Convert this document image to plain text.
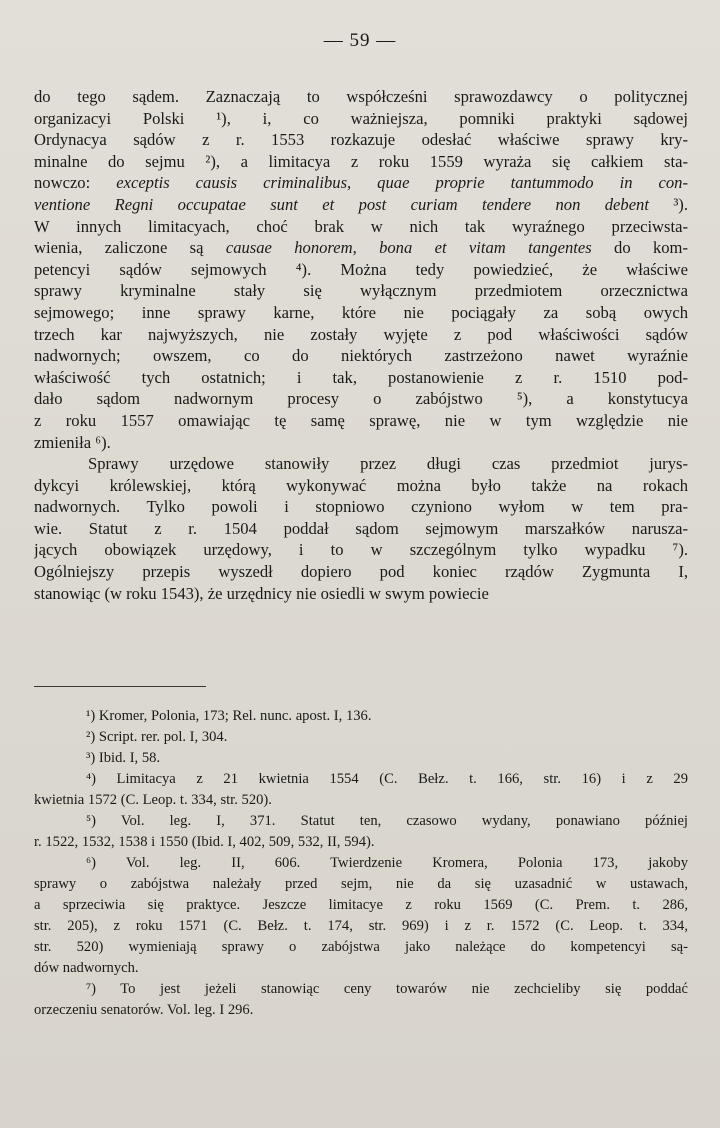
— 59 —
do tego sądem. Zaznaczają to współcześni sprawozdawcy o politycznej
organizacyi Polski ¹), i, co ważniejsza, pomniki praktyki sądowej
Ordynacya sądów z r. 1553 rozkazuje odesłać właściwe sprawy kry-
minalne do sejmu ²), a limitacya z roku 1559 wyraża się całkiem sta-
nowczo: exceptis causis criminalibus, quae proprie tantummodo in con-
ventione Regni occupatae sunt et post curiam tendere non debent ³).
W innych limitacyach, choć brak w nich tak wyraźnego przeciwsta-
wienia, zaliczone są causae honorem, bona et vitam tangentes do kom-
petencyi sądów sejmowych ⁴). Można tedy powiedzieć, że właściwe
sprawy kryminalne stały się wyłącznym przedmiotem orzecznictwa
sejmowego; inne sprawy karne, które nie pociągały za sobą owych
trzech kar najwyższych, nie zostały wyjęte z pod właściwości sądów
nadwornych; owszem, co do niektórych zastrzeżono nawet wyraźnie
właściwość tych ostatnich; i tak, postanowienie z r. 1510 pod-
dało sądom nadwornym procesy o zabójstwo ⁵), a konstytucya
z roku 1557 omawiając tę samę sprawę, nie w tym względzie nie
zmieniła ⁶).
Sprawy urzędowe stanowiły przez długi czas przedmiot jurys-
dykcyi królewskiej, którą wykonywać można było także na rokach
nadwornych. Tylko powoli i stopniowo czyniono wyłom w tem pra-
wie. Statut z r. 1504 poddał sądom sejmowym marszałków narusza-
jących obowiązek urzędowy, i to w szczególnym tylko wypadku ⁷).
Ogólniejszy przepis wyszedł dopiero pod koniec rządów Zygmunta I,
stanowiąc (w roku 1543), że urzędnicy nie osiedli w swym powiecie
¹) Kromer, Polonia, 173; Rel. nunc. apost. I, 136.
²) Script. rer. pol. I, 304.
³) Ibid. I, 58.
⁴) Limitacya z 21 kwietnia 1554 (C. Bełz. t. 166, str. 16) i z 29
kwietnia 1572 (C. Leop. t. 334, str. 520).
⁵) Vol. leg. I, 371. Statut ten, czasowo wydany, ponawiano później
r. 1522, 1532, 1538 i 1550 (Ibid. I, 402, 509, 532, II, 594).
⁶) Vol. leg. II, 606. Twierdzenie Kromera, Polonia 173, jakoby
sprawy o zabójstwa należały przed sejm, nie da się uzasadnić w ustawach,
a sprzeciwia się praktyce. Jeszcze limitacye z roku 1569 (C. Prem. t. 286,
str. 205), z roku 1571 (C. Bełz. t. 174, str. 969) i z r. 1572 (C. Leop. t. 334,
str. 520) wymieniają sprawy o zabójstwa jako należące do kompetencyi są-
dów nadwornych.
⁷) To jest jeżeli stanowiąc ceny towarów nie zechcieliby się poddać
orzeczeniu senatorów. Vol. leg. I 296.
